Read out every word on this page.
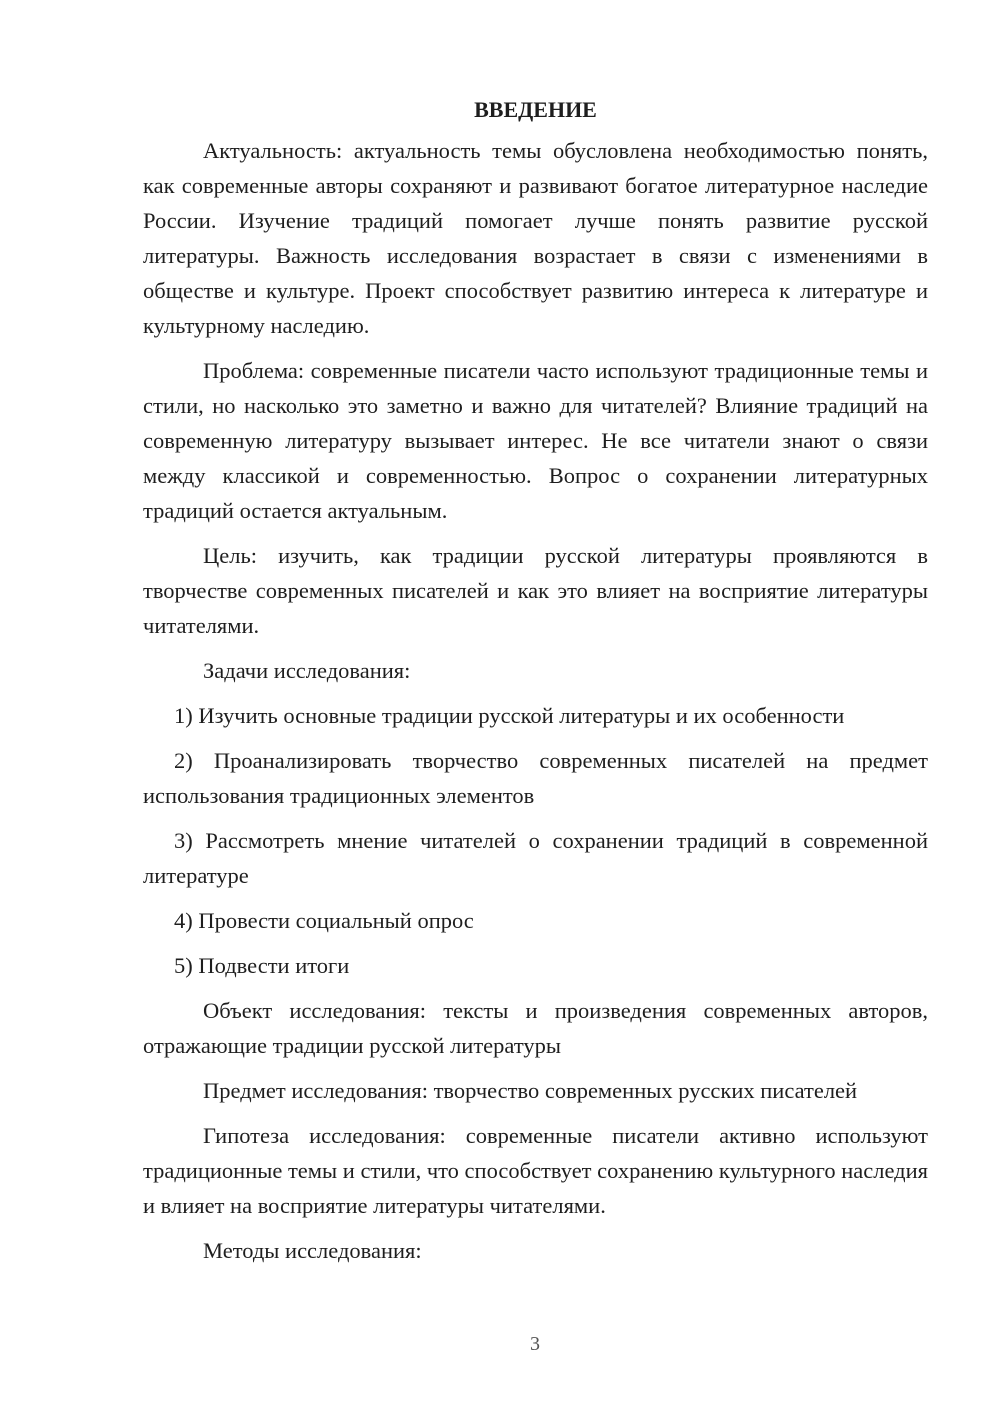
ВВЕДЕНИЕ

Актуальность: актуальность темы обусловлена необходимостью понять, как современные авторы сохраняют и развивают богатое литературное наследие России. Изучение традиций помогает лучше понять развитие русской литературы. Важность исследования возрастает в связи с изменениями в обществе и культуре. Проект способствует развитию интереса к литературе и культурному наследию.

Проблема: современные писатели часто используют традиционные темы и стили, но насколько это заметно и важно для читателей? Влияние традиций на современную литературу вызывает интерес. Не все читатели знают о связи между классикой и современностью. Вопрос о сохранении литературных традиций остается актуальным.

Цель: изучить, как традиции русской литературы проявляются в творчестве современных писателей и как это влияет на восприятие литературы читателями.

Задачи исследования:

1) Изучить основные традиции русской литературы и их особенности

2) Проанализировать творчество современных писателей на предмет использования традиционных элементов

3) Рассмотреть мнение читателей о сохранении традиций в современной литературе

4) Провести социальный опрос

5) Подвести итоги

Объект исследования: тексты и произведения современных авторов, отражающие традиции русской литературы

Предмет исследования: творчество современных русских писателей

Гипотеза исследования: современные писатели активно используют традиционные темы и стили, что способствует сохранению культурного наследия и влияет на восприятие литературы читателями.

Методы исследования:

3
